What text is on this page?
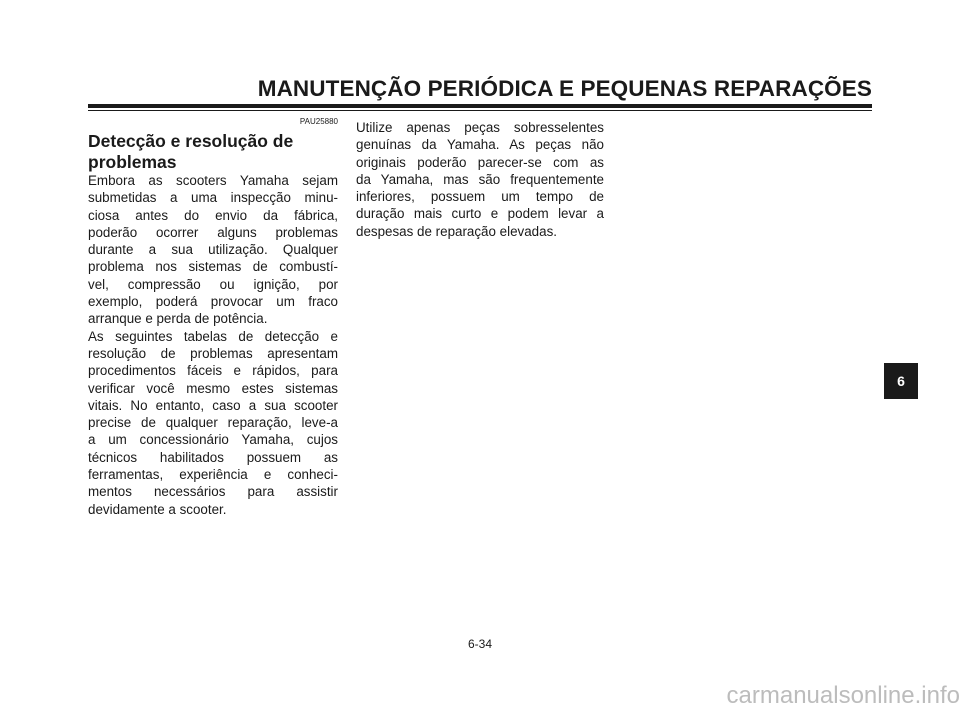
MANUTENÇÃO PERIÓDICA E PEQUENAS REPARAÇÕES
PAU25880
Detecção e resolução de
problemas
Embora as scooters Yamaha sejam
submetidas a uma inspecção minu-
ciosa antes do envio da fábrica,
poderão ocorrer alguns problemas
durante a sua utilização. Qualquer
problema nos sistemas de combustí-
vel, compressão ou ignição, por
exemplo, poderá provocar um fraco
arranque e perda de potência.
As seguintes tabelas de detecção e
resolução de problemas apresentam
procedimentos fáceis e rápidos, para
verificar você mesmo estes sistemas
vitais. No entanto, caso a sua scooter
precise de qualquer reparação, leve-a
a um concessionário Yamaha, cujos
técnicos habilitados possuem as
ferramentas, experiência e conheci-
mentos necessários para assistir
devidamente a scooter.
Utilize apenas peças sobresselentes
genuínas da Yamaha. As peças não
originais poderão parecer-se com as
da Yamaha, mas são frequentemente
inferiores, possuem um tempo de
duração mais curto e podem levar a
despesas de reparação elevadas.
6
6-34
carmanualsonline.info
